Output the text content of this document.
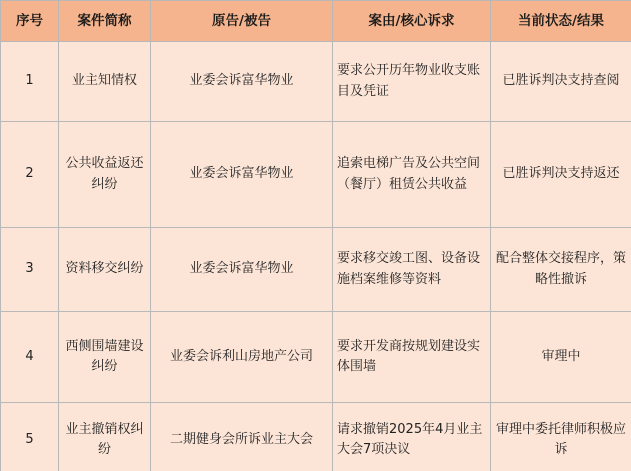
序号	案件简称	原告/被告	案由/核心诉求	当前状态/结果
1	业主知情权	业委会诉富华物业	要求公开历年物业收支账目及凭证	已胜诉判决支持查阅
2	公共收益返还纠纷	业委会诉富华物业	追索电梯广告及公共空间（餐厅）租赁公共收益	已胜诉判决支持返还
3	资料移交纠纷	业委会诉富华物业	要求移交竣工图、设备设施档案维修等资料	配合整体交接程序，策略性撤诉
4	西侧围墙建设纠纷	业委会诉利山房地产公司	要求开发商按规划建设实体围墙	审理中
5	业主撤销权纠纷	二期健身会所诉业主大会	请求撤销2025年4月业主大会7项决议	审理中委托律师积极应诉
